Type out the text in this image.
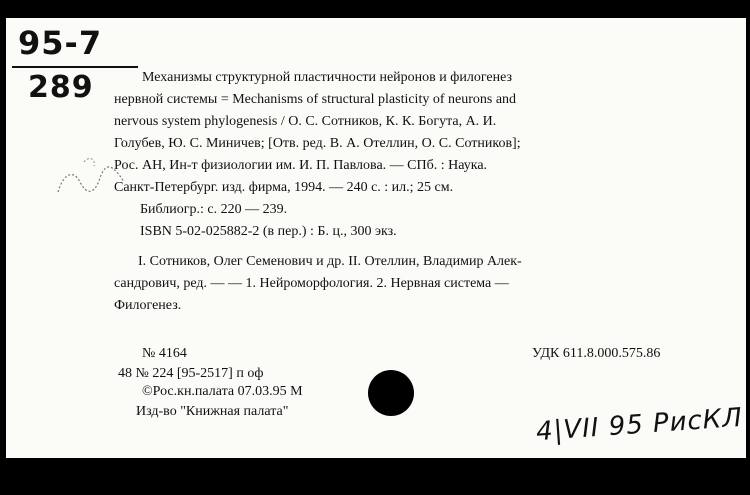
95-7
289	Механизмы структурной пластичности нейронов и филогенез
нервной системы = Mechanisms of structural plasticity of neurons and
nervous system phylogenesis / О. С. Сотников, К. К. Богута, А. И.
Голубев, Ю. С. Миничев; [Отв. ред. В. А. Отеллин, О. С. Сотников];
Рос. АН, Ин-т физиологии им. И. П. Павлова. — СПб. : Наука.
Санкт-Петербург. изд. фирма, 1994. — 240 с. : ил.; 25 см.
Библиогр.: с. 220 — 239.
ISBN 5-02-025882-2 (в пер.) : Б. ц., 300 экз.
I. Сотников, Олег Семенович и др. II. Отеллин, Владимир Алек-
сандрович, ред. — — 1. Нейроморфология. 2. Нервная система —
Филогенез.
№ 4164	УДК 611.8.000.575.86
48 № 224 [95-2517] п оф
©Рос.кн.палата 07.03.95 М
Изд-во "Книжная палата"	4|VII 95 РисКЛ
